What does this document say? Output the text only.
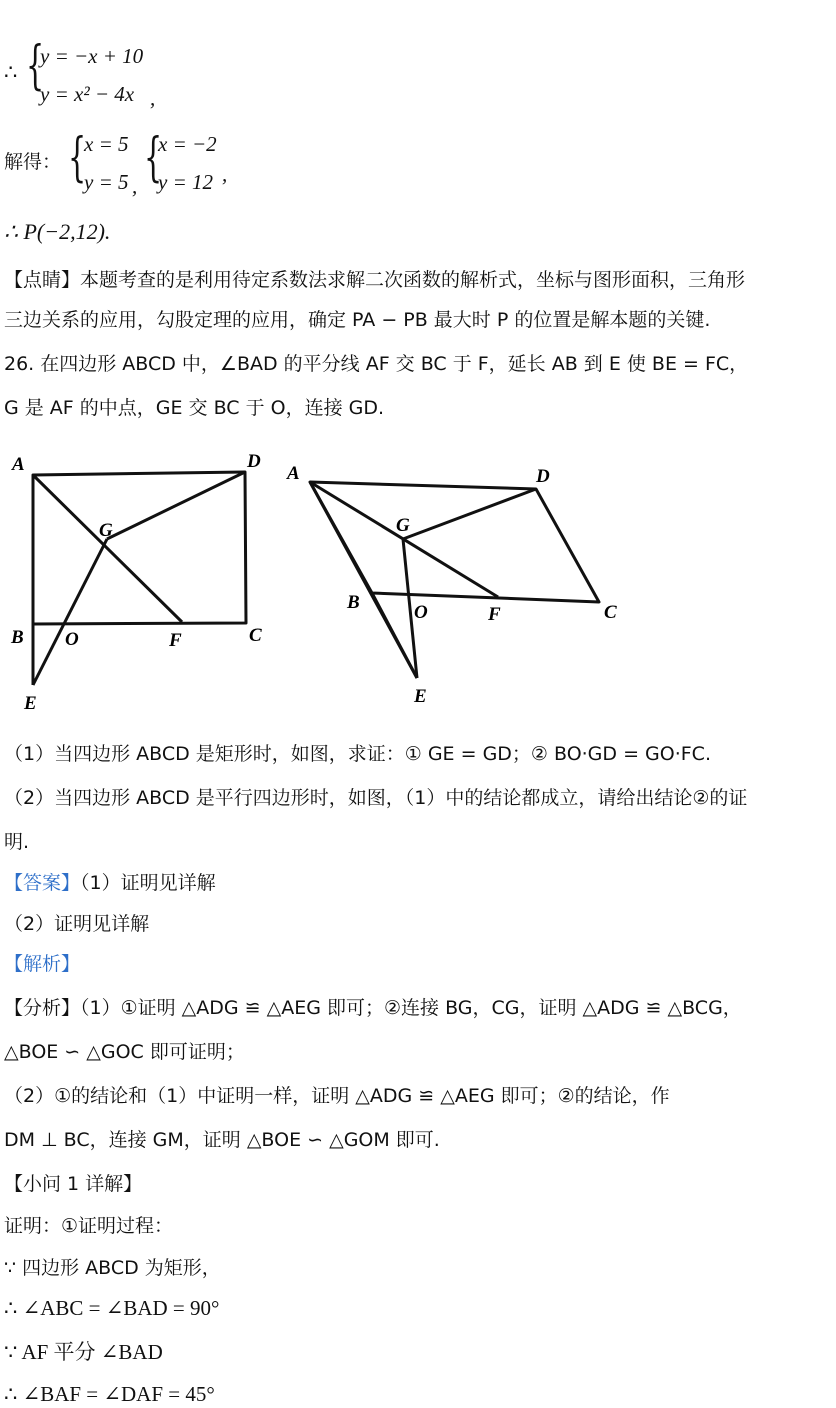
∴ {
y = −x + 10
y = x² − 4x ,
解得： {
x = 5
y = 5 , {
x = −2
y = 12 ,
∴ P(−2,12).
【点睛】本题考查的是利用待定系数法求解二次函数的解析式，坐标与图形面积，三角形
三边关系的应用，勾股定理的应用，确定 PA − PB 最大时 P 的位置是解本题的关键.
26. 在四边形 ABCD 中，∠BAD 的平分线 AF 交 BC 于 F，延长 AB 到 E 使 BE = FC，
G 是 AF 的中点，GE 交 BC 于 O，连接 GD.
A	D
G
B O	F	C
E
A	D
G
B	O	F	C
E
（1）当四边形 ABCD 是矩形时，如图，求证：① GE = GD；② BO·GD = GO·FC.
（2）当四边形 ABCD 是平行四边形时，如图，（1）中的结论都成立，请给出结论②的证
明.
【答案】（1）证明见详解
（2）证明见详解
【解析】
【分析】（1）①证明 △ADG ≌ △AEG 即可；②连接 BG，CG，证明 △ADG ≌ △BCG，
△BOE ∽ △GOC 即可证明；
（2）①的结论和（1）中证明一样，证明 △ADG ≌ △AEG 即可；②的结论，作
DM ⊥ BC，连接 GM，证明 △BOE ∽ △GOM 即可.
【小问 1 详解】
证明：①证明过程：
∵ 四边形 ABCD 为矩形，
∴ ∠ABC = ∠BAD = 90°
∵ AF 平分 ∠BAD
∴ ∠BAF = ∠DAF = 45°
